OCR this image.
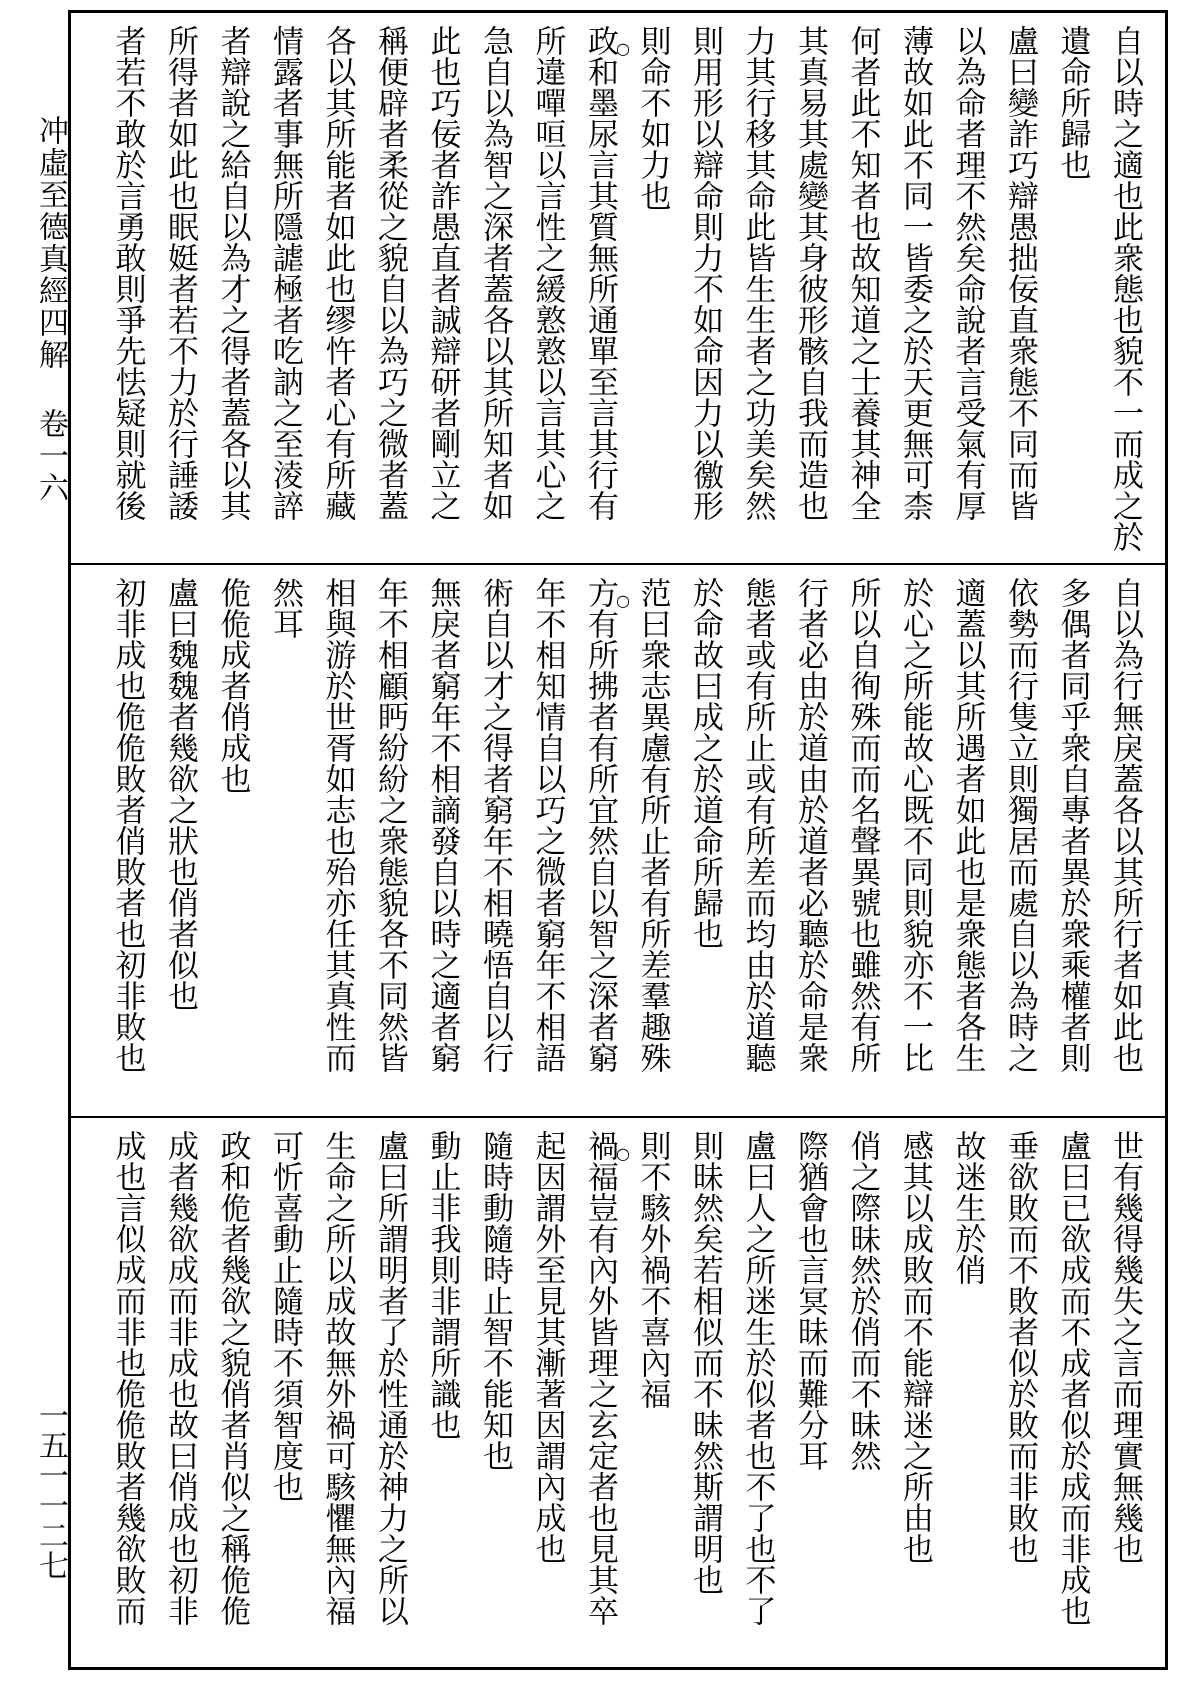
冲虛至德真經四解 卷一六
一五一一二七
自以時之適也此衆態也貌不一而成之於
遺命所歸也
盧曰變詐巧辯愚拙佞直衆態不同而皆
以為命者理不然矣命說者言受氣有厚
薄故如此不同一皆委之於天更無可柰
何者此不知者也故知道之士養其神全
其真易其處變其身彼形骸自我而造也
力其行移其命此皆生生者之功美矣然
則用形以辯命則力不如命因力以徼形
則命不如力也
政和墨尿言其質無所通單至言其行有
所違嘽咺以言性之緩憝憝以言其心之
急自以為智之深者蓋各以其所知者如
此也巧佞者詐愚直者誠辯研者剛立之
稱便辟者柔從之貌自以為巧之微者蓋
各以其所能者如此也缪忤者心有所藏
情露者事無所隱謔極者吃訥之至淩誶
者辯說之給自以為才之得者蓋各以其
所得者如此也眠娗者若不力於行諈諉
者若不敢於言勇敢則爭先怯疑則就後	○
自以為行無戾蓋各以其所行者如此也
多偶者同乎衆自專者異於衆乘權者則
依勢而行隻立則獨居而處自以為時之
適蓋以其所遇者如此也是衆態者各生
於心之所能故心既不同則貌亦不一比
所以自徇殊而而名聲異號也雖然有所
行者必由於道由於道者必聽於命是衆
態者或有所止或有所差而均由於道聽
於命故曰成之於道命所歸也
范曰衆志異慮有所止者有所差羣趣殊
方有所拂者有所宜然自以智之深者窮
年不相知情自以巧之微者窮年不相語
術自以才之得者窮年不相曉悟自以行
無戾者窮年不相謫發自以時之適者窮
年不相顧眄紛紛之衆態貌各不同然皆
相與游於世胥如志也殆亦任其真性而
然耳
佹佹成者俏成也
盧曰魏魏者幾欲之狀也俏者似也
初非成也佹佹敗者俏敗者也初非敗也	○
世有幾得幾失之言而理實無幾也
盧曰已欲成而不成者似於成而非成也
垂欲敗而不敗者似於敗而非敗也
故迷生於俏
感其以成敗而不能辯迷之所由也
俏之際昧然於俏而不昧然
際猶會也言冥昧而難分耳
盧曰人之所迷生於似者也不了也不了
則昧然矣若相似而不昧然斯謂明也
則不駭外禍不喜內福
禍福豈有內外皆理之玄定者也見其卒
起因謂外至見其漸著因謂內成也
隨時動隨時止智不能知也
動止非我則非謂所識也
盧曰所謂明者了於性通於神力之所以
生命之所以成故無外禍可駭懼無內福
可忻喜動止隨時不須智度也
政和佹者幾欲之貌俏者肖似之稱佹佹
成者幾欲成而非成也故曰俏成也初非
成也言似成而非也佹佹敗者幾欲敗而	○
